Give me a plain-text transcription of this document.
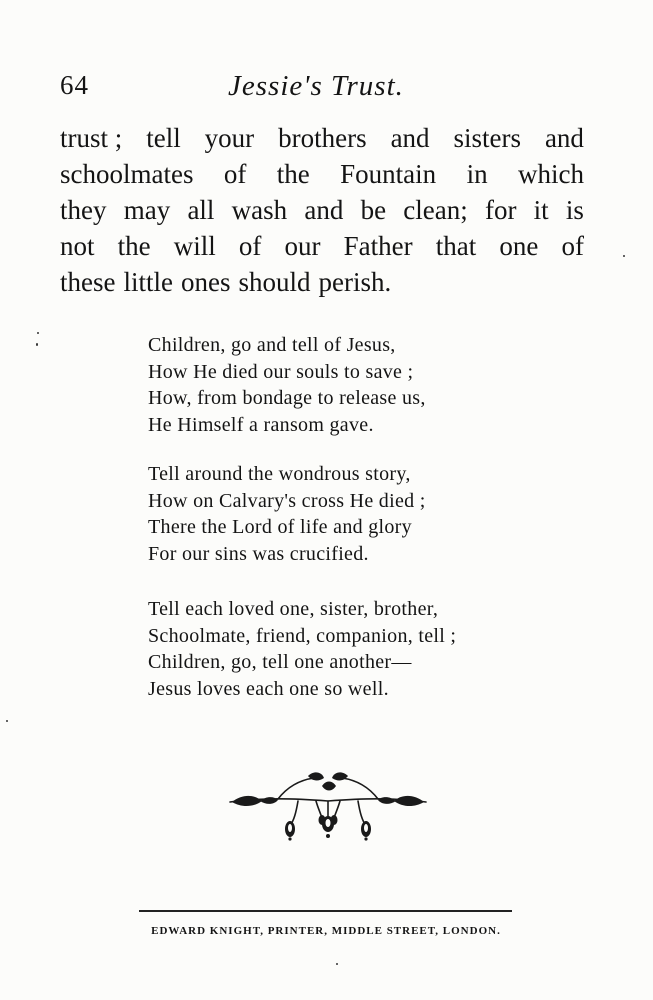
64	Jessie's Trust.
trust ; tell your brothers and sisters and
schoolmates of the Fountain in which
they may all wash and be clean; for it is
not the will of our Father that one of
these little ones should perish.
Children, go and tell of Jesus,
How He died our souls to save ;
How, from bondage to release us,
He Himself a ransom gave.
Tell around the wondrous story,
How on Calvary's cross He died ;
There the Lord of life and glory
For our sins was crucified.
Tell each loved one, sister, brother,
Schoolmate, friend, companion, tell ;
Children, go, tell one another—
Jesus loves each one so well.
EDWARD KNIGHT, PRINTER, MIDDLE STREET, LONDON.
